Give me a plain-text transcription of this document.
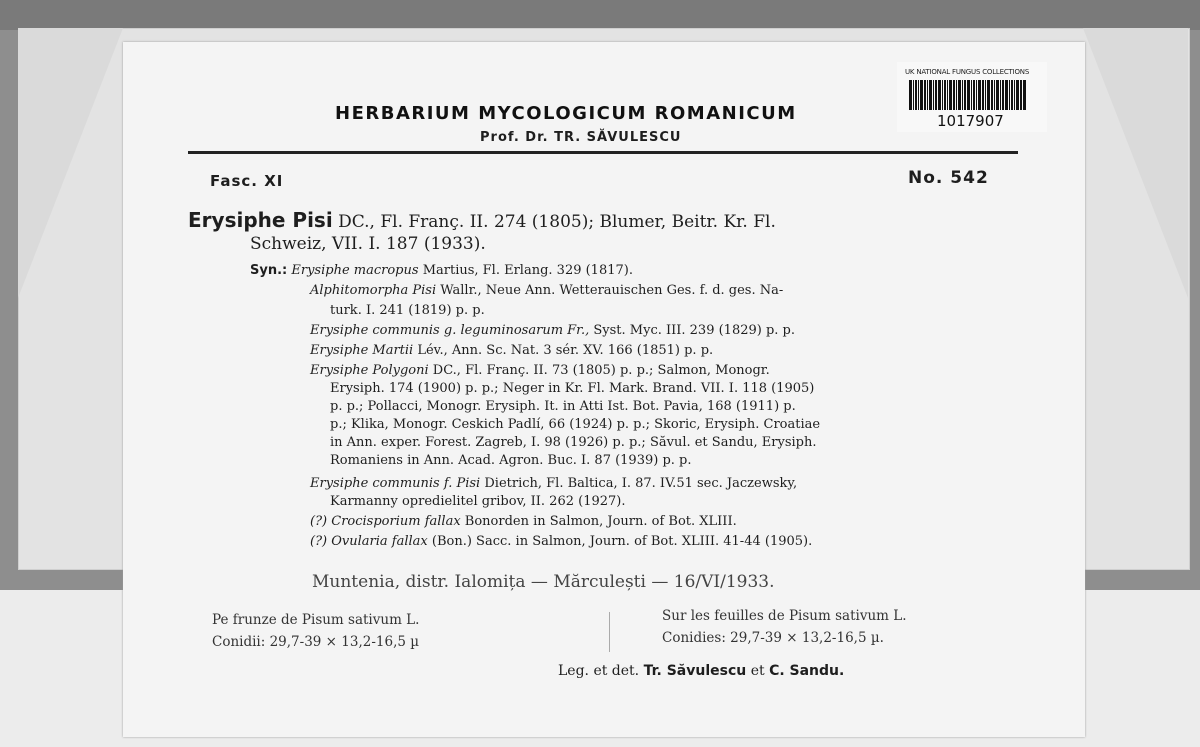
UK NATIONAL FUNGUS COLLECTIONS
1017907
HERBARIUM MYCOLOGICUM ROMANICUM
Prof. Dr. TR. SĂVULESCU
Fasc. XI	No. 542
Erysiphe Pisi DC., Fl. Franç. II. 274 (1805); Blumer, Beitr. Kr. Fl.
Schweiz, VII. I. 187 (1933).
Syn.: Erysiphe macropus Martius, Fl. Erlang. 329 (1817).
Alphitomorpha Pisi Wallr., Neue Ann. Wetterauischen Ges. f. d. ges. Na-
turk. I. 241 (1819) p. p.
Erysiphe communis g. leguminosarum Fr., Syst. Myc. III. 239 (1829) p. p.
Erysiphe Martii Lév., Ann. Sc. Nat. 3 sér. XV. 166 (1851) p. p.
Erysiphe Polygoni DC., Fl. Franç. II. 73 (1805) p. p.; Salmon, Monogr.
Erysiph. 174 (1900) p. p.; Neger in Kr. Fl. Mark. Brand. VII. I. 118 (1905)
p. p.; Pollacci, Monogr. Erysiph. It. in Atti Ist. Bot. Pavia, 168 (1911) p.
p.; Klika, Monogr. Ceskich Padlí, 66 (1924) p. p.; Skoric, Erysiph. Croatiae
in Ann. exper. Forest. Zagreb, I. 98 (1926) p. p.; Săvul. et Sandu, Erysiph.
Romaniens in Ann. Acad. Agron. Buc. I. 87 (1939) p. p.
Erysiphe communis f. Pisi Dietrich, Fl. Baltica, I. 87. IV.51 sec. Jaczewsky,
Karmanny opredielitel gribov, II. 262 (1927).
(?) Crocisporium fallax Bonorden in Salmon, Journ. of Bot. XLIII.
(?) Ovularia fallax (Bon.) Sacc. in Salmon, Journ. of Bot. XLIII. 41-44 (1905).
Muntenia, distr. Ialomița — Mărculești — 16/VI/1933.
Pe frunze de Pisum sativum L.
Conidii: 29,7-39 × 13,2-16,5 µ
Sur les feuilles de Pisum sativum L.
Conidies: 29,7-39 × 13,2-16,5 µ.
Leg. et det. Tr. Săvulescu et C. Sandu.
